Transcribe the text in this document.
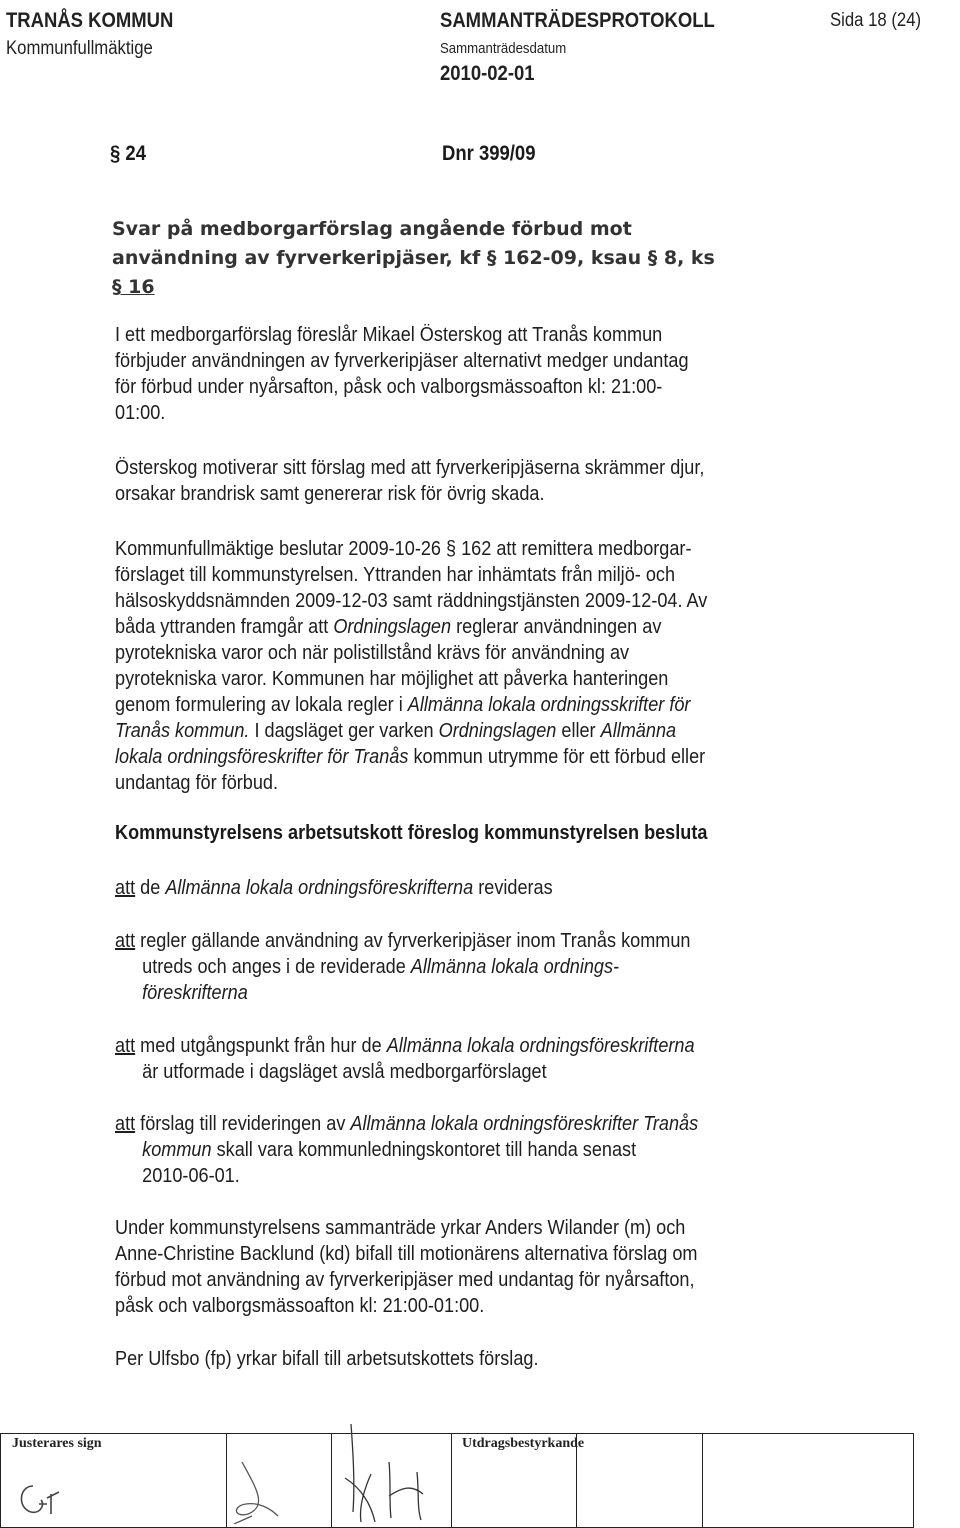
TRANÅS KOMMUN
Kommunfullmäktige
SAMMANTRÄDESPROTOKOLL
Sammanträdesdatum
2010-02-01
Sida 18 (24)
§ 24	Dnr 399/09
Svar på medborgarförslag angående förbud mot
användning av fyrverkeripjäser, kf § 162-09, ksau § 8, ks
§ 16
I ett medborgarförslag föreslår Mikael Österskog att Tranås kommun
förbjuder användningen av fyrverkeripjäser alternativt medger undantag
för förbud under nyårsafton, påsk och valborgsmässoafton kl: 21:00-
01:00.
Österskog motiverar sitt förslag med att fyrverkeripjäserna skrämmer djur,
orsakar brandrisk samt genererar risk för övrig skada.
Kommunfullmäktige beslutar 2009-10-26 § 162 att remittera medborgar-
förslaget till kommunstyrelsen. Yttranden har inhämtats från miljö- och
hälsoskyddsnämnden 2009-12-03 samt räddningstjänsten 2009-12-04. Av
båda yttranden framgår att Ordningslagen reglerar användningen av
pyrotekniska varor och när polistillstånd krävs för användning av
pyrotekniska varor. Kommunen har möjlighet att påverka hanteringen
genom formulering av lokala regler i Allmänna lokala ordningsskrifter för
Tranås kommun. I dagsläget ger varken Ordningslagen eller Allmänna
lokala ordningsföreskrifter för Tranås kommun utrymme för ett förbud eller
undantag för förbud.
Kommunstyrelsens arbetsutskott föreslog kommunstyrelsen besluta
att de Allmänna lokala ordningsföreskrifterna revideras
att regler gällande användning av fyrverkeripjäser inom Tranås kommun
utreds och anges i de reviderade Allmänna lokala ordnings-
föreskrifterna
att med utgångspunkt från hur de Allmänna lokala ordningsföreskrifterna
är utformade i dagsläget avslå medborgarförslaget
att förslag till revideringen av Allmänna lokala ordningsföreskrifter Tranås
kommun skall vara kommunledningskontoret till handa senast
2010-06-01.
Under kommunstyrelsens sammanträde yrkar Anders Wilander (m) och
Anne-Christine Backlund (kd) bifall till motionärens alternativa förslag om
förbud mot användning av fyrverkeripjäser med undantag för nyårsafton,
påsk och valborgsmässoafton kl: 21:00-01:00.
Per Ulfsbo (fp) yrkar bifall till arbetsutskottets förslag.
Justerares sign	Utdragsbestyrkande
